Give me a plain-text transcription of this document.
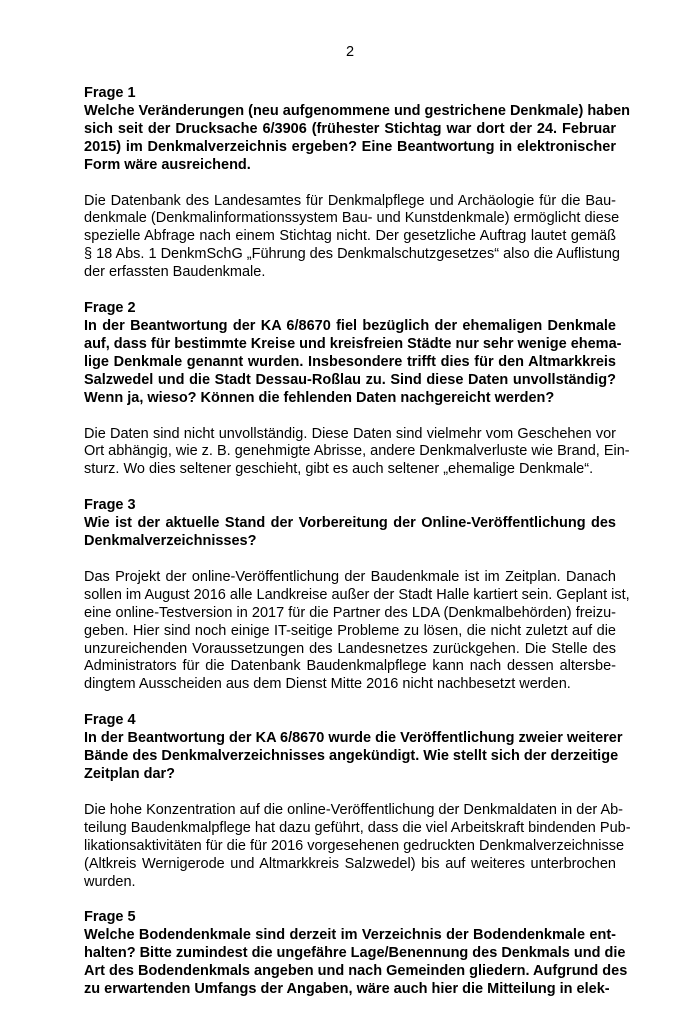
2
Frage 1
Welche Veränderungen (neu aufgenommene und gestrichene Denkmale) haben
sich seit der Drucksache 6/3906 (frühester Stichtag war dort der 24. Februar
2015) im Denkmalverzeichnis ergeben? Eine Beantwortung in elektronischer
Form wäre ausreichend.
Die Datenbank des Landesamtes für Denkmalpflege und Archäologie für die Bau-
denkmale (Denkmalinformationssystem Bau- und Kunstdenkmale) ermöglicht diese
spezielle Abfrage nach einem Stichtag nicht. Der gesetzliche Auftrag lautet gemäß
§ 18 Abs. 1 DenkmSchG „Führung des Denkmalschutzgesetzes“ also die Auflistung
der erfassten Baudenkmale.
Frage 2
In der Beantwortung der KA 6/8670 fiel bezüglich der ehemaligen Denkmale
auf, dass für bestimmte Kreise und kreisfreien Städte nur sehr wenige ehema-
lige Denkmale genannt wurden. Insbesondere trifft dies für den Altmarkkreis
Salzwedel und die Stadt Dessau-Roßlau zu. Sind diese Daten unvollständig?
Wenn ja, wieso? Können die fehlenden Daten nachgereicht werden?
Die Daten sind nicht unvollständig. Diese Daten sind vielmehr vom Geschehen vor
Ort abhängig, wie z. B. genehmigte Abrisse, andere Denkmalverluste wie Brand, Ein-
sturz. Wo dies seltener geschieht, gibt es auch seltener „ehemalige Denkmale“.
Frage 3
Wie ist der aktuelle Stand der Vorbereitung der Online-Veröffentlichung des
Denkmalverzeichnisses?
Das Projekt der online-Veröffentlichung der Baudenkmale ist im Zeitplan. Danach
sollen im August 2016 alle Landkreise außer der Stadt Halle kartiert sein. Geplant ist,
eine online-Testversion in 2017 für die Partner des LDA (Denkmalbehörden) freizu-
geben. Hier sind noch einige IT-seitige Probleme zu lösen, die nicht zuletzt auf die
unzureichenden Voraussetzungen des Landesnetzes zurückgehen. Die Stelle des
Administrators für die Datenbank Baudenkmalpflege kann nach dessen altersbe-
dingtem Ausscheiden aus dem Dienst Mitte 2016 nicht nachbesetzt werden.
Frage 4
In der Beantwortung der KA 6/8670 wurde die Veröffentlichung zweier weiterer
Bände des Denkmalverzeichnisses angekündigt. Wie stellt sich der derzeitige
Zeitplan dar?
Die hohe Konzentration auf die online-Veröffentlichung der Denkmaldaten in der Ab-
teilung Baudenkmalpflege hat dazu geführt, dass die viel Arbeitskraft bindenden Pub-
likationsaktivitäten für die für 2016 vorgesehenen gedruckten Denkmalverzeichnisse
(Altkreis Wernigerode und Altmarkkreis Salzwedel) bis auf weiteres unterbrochen
wurden.
Frage 5
Welche Bodendenkmale sind derzeit im Verzeichnis der Bodendenkmale ent-
halten? Bitte zumindest die ungefähre Lage/Benennung des Denkmals und die
Art des Bodendenkmals angeben und nach Gemeinden gliedern. Aufgrund des
zu erwartenden Umfangs der Angaben, wäre auch hier die Mitteilung in elek-
